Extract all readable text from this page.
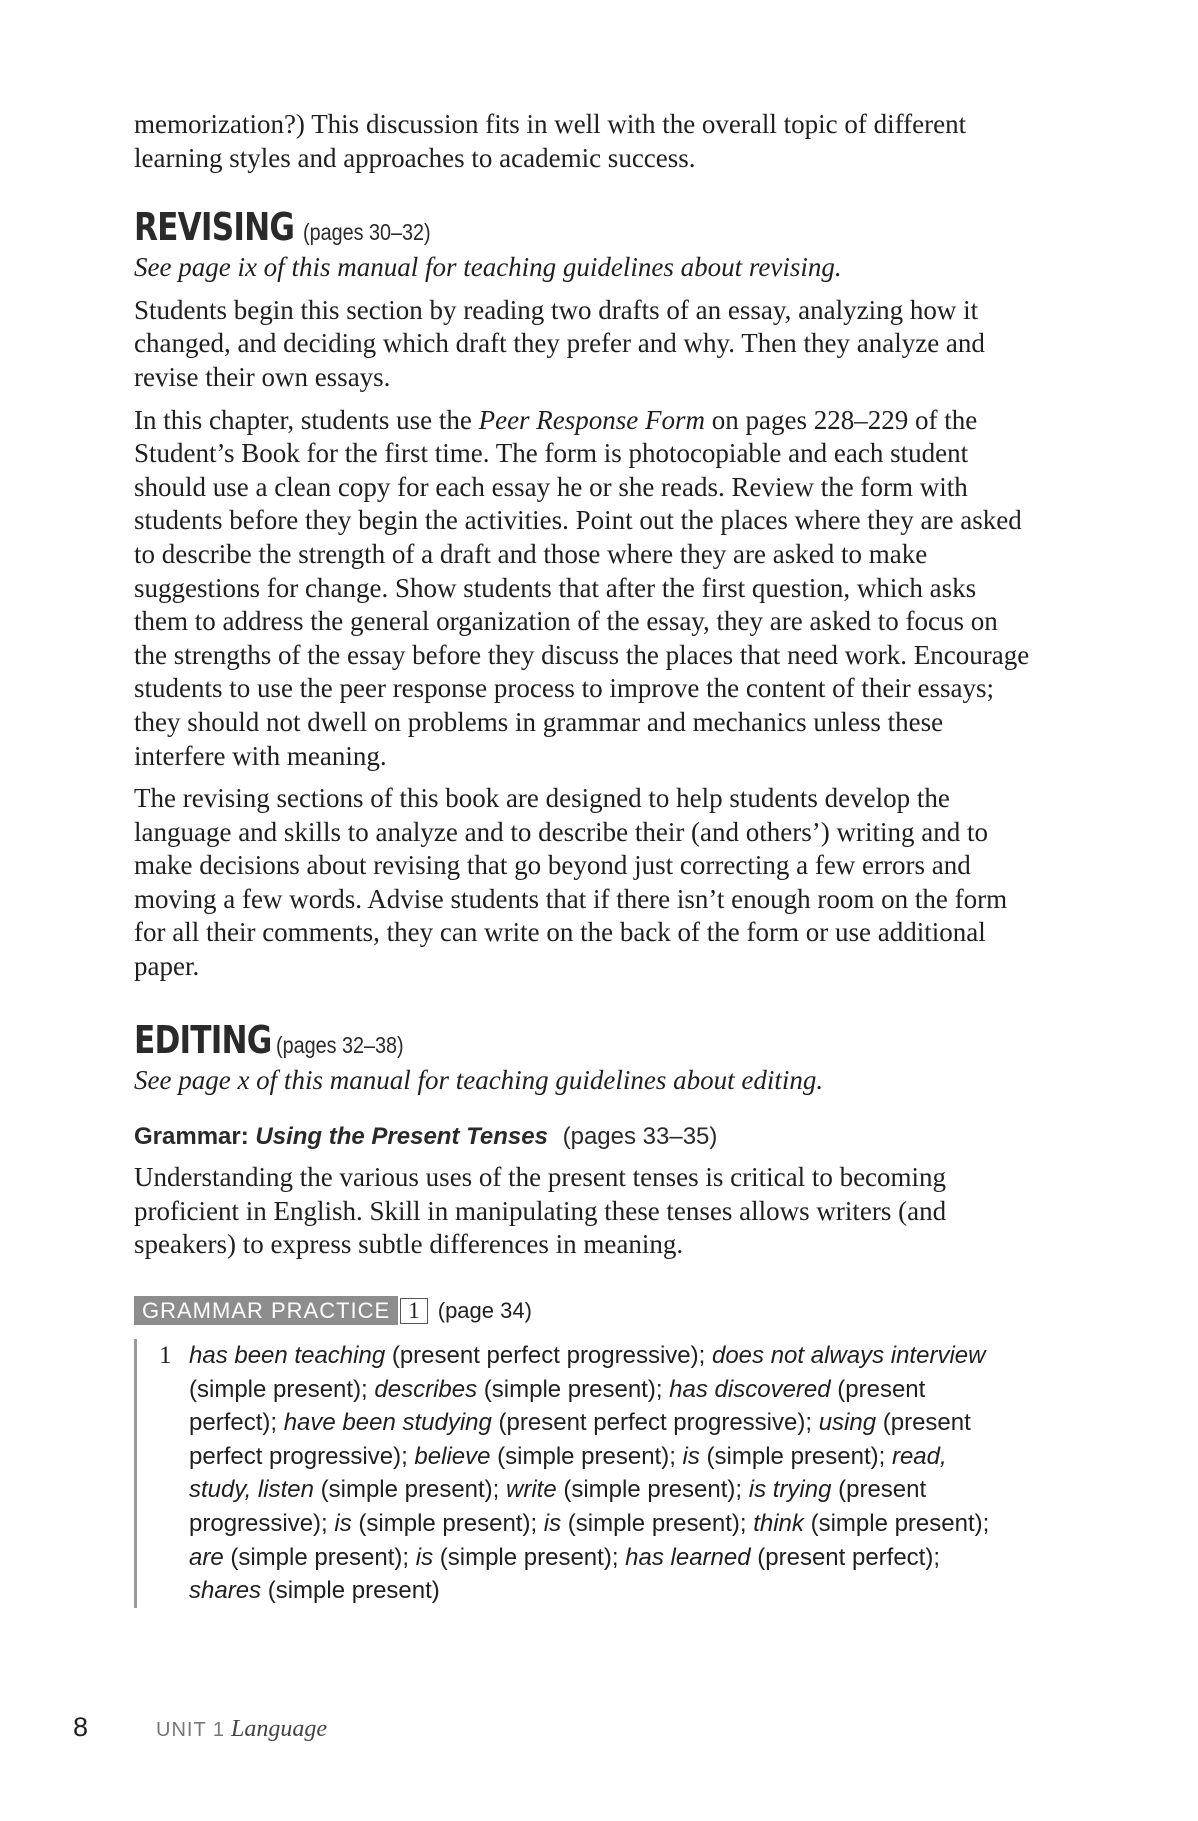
memorization?) This discussion fits in well with the overall topic of different learning styles and approaches to academic success.

REVISING (pages 30–32)

See page ix of this manual for teaching guidelines about revising.

Students begin this section by reading two drafts of an essay, analyzing how it changed, and deciding which draft they prefer and why. Then they analyze and revise their own essays.

In this chapter, students use the Peer Response Form on pages 228–229 of the Student’s Book for the first time. The form is photocopiable and each student should use a clean copy for each essay he or she reads. Review the form with students before they begin the activities. Point out the places where they are asked to describe the strength of a draft and those where they are asked to make suggestions for change. Show students that after the first question, which asks them to address the general organization of the essay, they are asked to focus on the strengths of the essay before they discuss the places that need work. Encourage students to use the peer response process to improve the content of their essays; they should not dwell on problems in grammar and mechanics unless these interfere with meaning.

The revising sections of this book are designed to help students develop the language and skills to analyze and to describe their (and others’) writing and to make decisions about revising that go beyond just correcting a few errors and moving a few words. Advise students that if there isn’t enough room on the form for all their comments, they can write on the back of the form or use additional paper.

EDITING (pages 32–38)

See page x of this manual for teaching guidelines about editing.

Grammar: Using the Present Tenses (pages 33–35)

Understanding the various uses of the present tenses is critical to becoming proficient in English. Skill in manipulating these tenses allows writers (and speakers) to express subtle differences in meaning.

GRAMMAR PRACTICE 1 (page 34)
1 has been teaching (present perfect progressive); does not always interview (simple present); describes (simple present); has discovered (present perfect); have been studying (present perfect progressive); using (present perfect progressive); believe (simple present); is (simple present); read, study, listen (simple present); write (simple present); is trying (present progressive); is (simple present); is (simple present); think (simple present); are (simple present); is (simple present); has learned (present perfect); shares (simple present)
8	UNIT 1 Language
